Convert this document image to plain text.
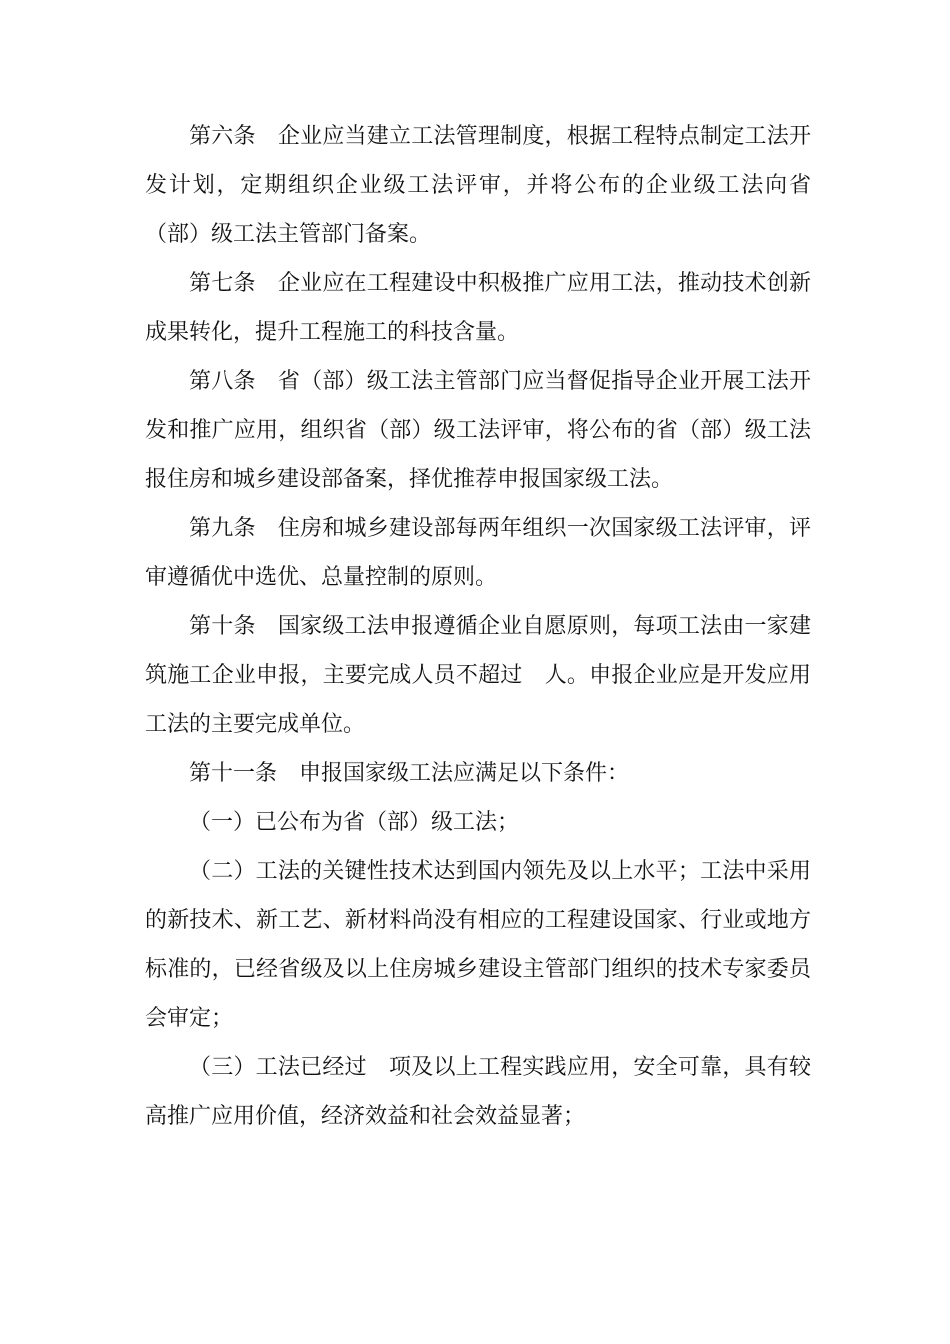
第六条　企业应当建立工法管理制度，根据工程特点制定工法开发计划，定期组织企业级工法评审，并将公布的企业级工法向省（部）级工法主管部门备案。

第七条　企业应在工程建设中积极推广应用工法，推动技术创新成果转化，提升工程施工的科技含量。

第八条　省（部）级工法主管部门应当督促指导企业开展工法开发和推广应用，组织省（部）级工法评审，将公布的省（部）级工法报住房和城乡建设部备案，择优推荐申报国家级工法。

第九条　住房和城乡建设部每两年组织一次国家级工法评审，评审遵循优中选优、总量控制的原则。

第十条　国家级工法申报遵循企业自愿原则，每项工法由一家建筑施工企业申报，主要完成人员不超过　人。申报企业应是开发应用工法的主要完成单位。

第十一条　申报国家级工法应满足以下条件：

（一）已公布为省（部）级工法；

（二）工法的关键性技术达到国内领先及以上水平；工法中采用的新技术、新工艺、新材料尚没有相应的工程建设国家、行业或地方标准的，已经省级及以上住房城乡建设主管部门组织的技术专家委员会审定；

（三）工法已经过　项及以上工程实践应用，安全可靠，具有较高推广应用价值，经济效益和社会效益显著；
